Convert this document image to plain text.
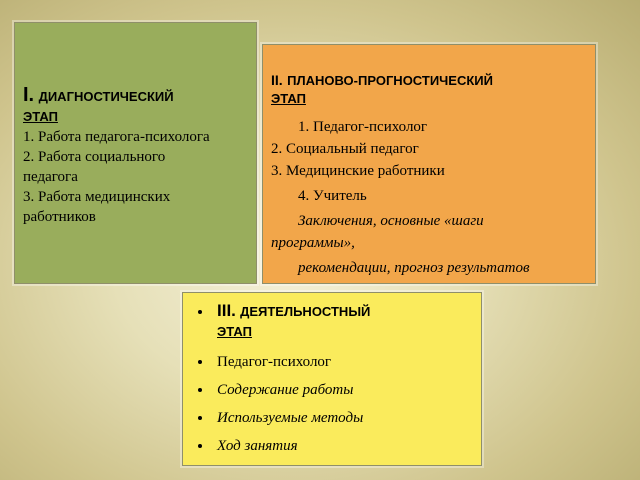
I. ДИАГНОСТИЧЕСКИЙ
ЭТАП
1. Работа педагога-психолога
2. Работа социального
педагога
3. Работа медицинских
работников
II. ПЛАНОВО-ПРОГНОСТИЧЕСКИЙ
ЭТАП
1. Педагог-психолог
2. Социальный педагог
3. Медицинские работники
4. Учитель
Заключения, основные «шаги
программы»,
рекомендации, прогноз результатов
• III. ДЕЯТЕЛЬНОСТНЫЙ
ЭТАП
• Педагог-психолог
• Содержание работы
• Используемые методы
• Ход занятия
